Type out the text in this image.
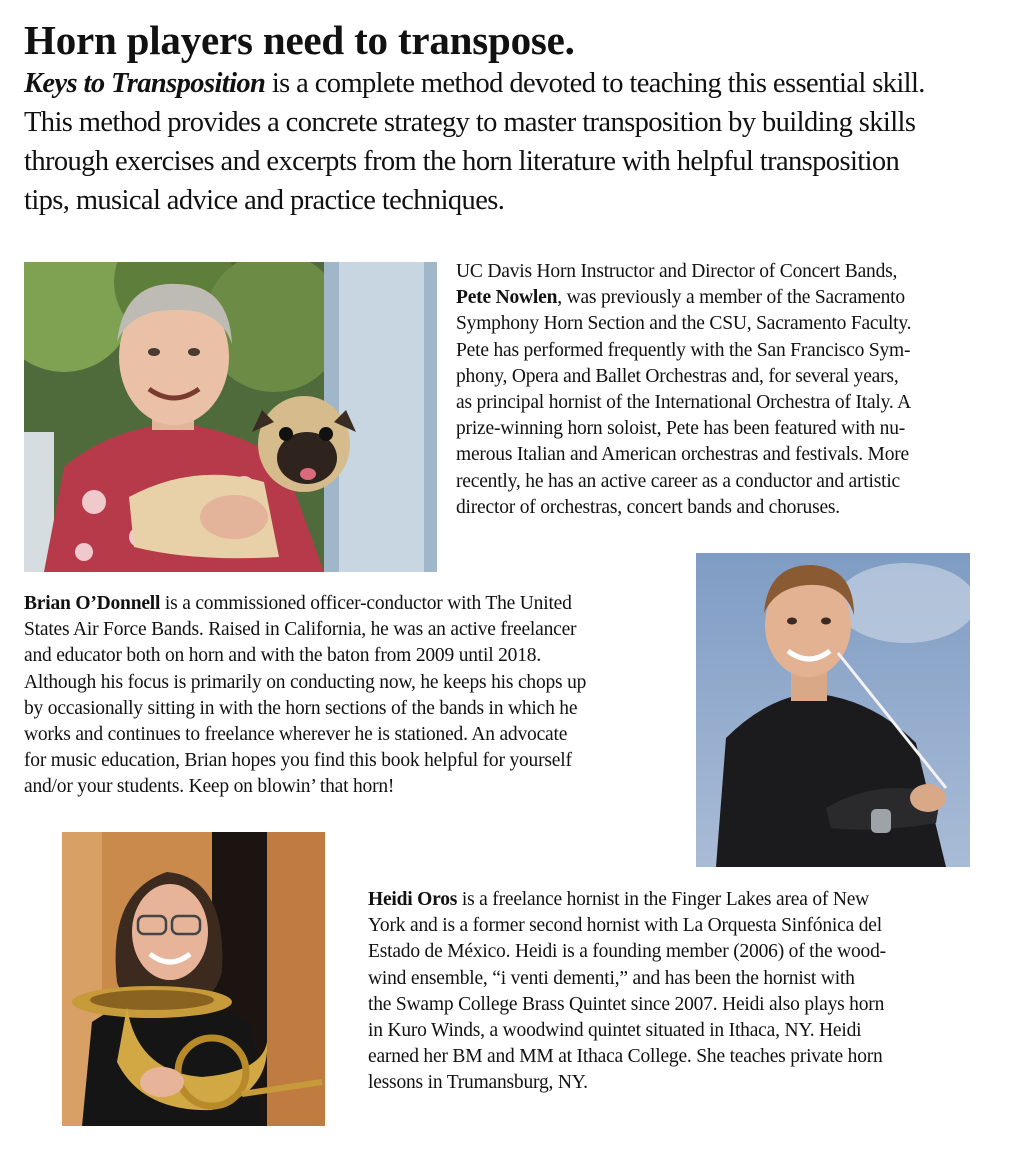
Horn players need to transpose.

Keys to Transposition is a complete method devoted to teaching this essential skill.
This method provides a concrete strategy to master transposition by building skills
through exercises and excerpts from the horn literature with helpful transposition
tips, musical advice and practice techniques.

UC Davis Horn Instructor and Director of Concert Bands,
Pete Nowlen, was previously a member of the Sacramento
Symphony Horn Section and the CSU, Sacramento Faculty.
Pete has performed frequently with the San Francisco Sym-
phony, Opera and Ballet Orchestras and, for several years,
as principal hornist of the International Orchestra of Italy. A
prize-winning horn soloist, Pete has been featured with nu-
merous Italian and American orchestras and festivals. More
recently, he has an active career as a conductor and artistic
director of orchestras, concert bands and choruses.

Brian O’Donnell is a commissioned officer-conductor with The United
States Air Force Bands. Raised in California, he was an active freelancer
and educator both on horn and with the baton from 2009 until 2018.
Although his focus is primarily on conducting now, he keeps his chops up
by occasionally sitting in with the horn sections of the bands in which he
works and continues to freelance wherever he is stationed. An advocate
for music education, Brian hopes you find this book helpful for yourself
and/or your students. Keep on blowin’ that horn!

Heidi Oros is a freelance hornist in the Finger Lakes area of New
York and is a former second hornist with La Orquesta Sinfónica del
Estado de México. Heidi is a founding member (2006) of the wood-
wind ensemble, “i venti dementi,” and has been the hornist with
the Swamp College Brass Quintet since 2007. Heidi also plays horn
in Kuro Winds, a woodwind quintet situated in Ithaca, NY. Heidi
earned her BM and MM at Ithaca College. She teaches private horn
lessons in Trumansburg, NY.
